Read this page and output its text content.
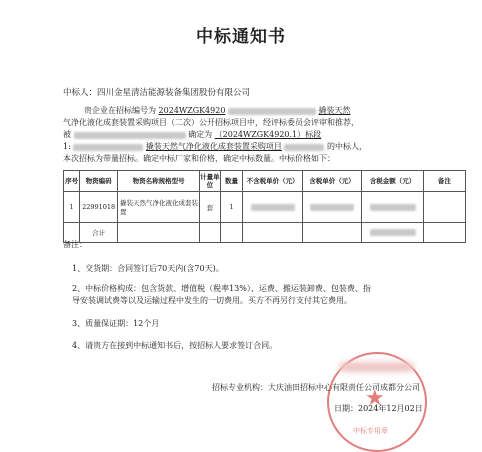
中标通知书
中标人：四川金星清洁能源装备集团股份有限公司
贵企业在招标编号为 2024WZGK4920	撬装天然
气净化液化成套装置采购项目（二次）公开招标项目中，经评标委员会评审和推荐，
被	确定为 （2024WZGK4920.1）标段
1:	撬装天然气净化液化成套装置采购项目	的中标人，
本次招标为带量招标。确定中标厂家和价格，确定中标数量。中标价格如下：
序号	物资编码	物资名称规格型号	计量单位	数量	不含税单价（元）	含税单价（元）	含税金额（元）	备注
1	22991018	撬装天然气净化液化成套装置	套	1				
	合计							
备注：
1、交货期：合同签订后70天内(含70天)。
2、中标价格构成：包含货款、增值税（税率13%）、运费、搬运装卸费、包装费、指
导安装调试费等以及运输过程中发生的一切费用。买方不再另行支付其它费用。
3、质量保证期：12个月
4、请贵方在接到中标通知书后，按招标人要求签订合同。
★
中标专用章
招标专业机构：大庆油田招标中心有限责任公司成都分公司
日期：2024年12月02日
